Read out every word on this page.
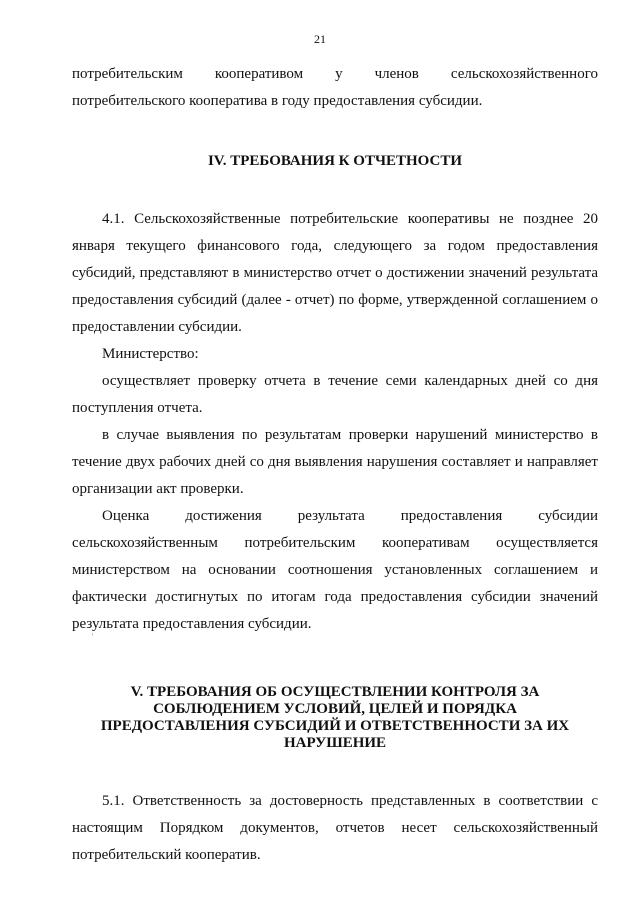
21

потребительским кооперативом у членов сельскохозяйственного потребительского кооператива в году предоставления субсидии.

IV. ТРЕБОВАНИЯ К ОТЧЕТНОСТИ

4.1. Сельскохозяйственные потребительские кооперативы не позднее 20 января текущего финансового года, следующего за годом предоставления субсидий, представляют в министерство отчет о достижении значений результата предоставления субсидий (далее - отчет) по форме, утвержденной соглашением о предоставлении субсидии.

Министерство:

осуществляет проверку отчета в течение семи календарных дней со дня поступления отчета.

в случае выявления по результатам проверки нарушений министерство в течение двух рабочих дней со дня выявления нарушения составляет и направляет организации акт проверки.

Оценка достижения результата предоставления субсидии сельскохозяйственным потребительским кооперативам осуществляется министерством на основании соотношения установленных соглашением и фактически достигнутых по итогам года предоставления субсидии значений результата предоставления субсидии.

V. ТРЕБОВАНИЯ ОБ ОСУЩЕСТВЛЕНИИ КОНТРОЛЯ ЗА СОБЛЮДЕНИЕМ УСЛОВИЙ, ЦЕЛЕЙ И ПОРЯДКА ПРЕДОСТАВЛЕНИЯ СУБСИДИЙ И ОТВЕТСТВЕННОСТИ ЗА ИХ НАРУШЕНИЕ

5.1. Ответственность за достоверность представленных в соответствии с настоящим Порядком документов, отчетов несет сельскохозяйственный потребительский кооператив.
